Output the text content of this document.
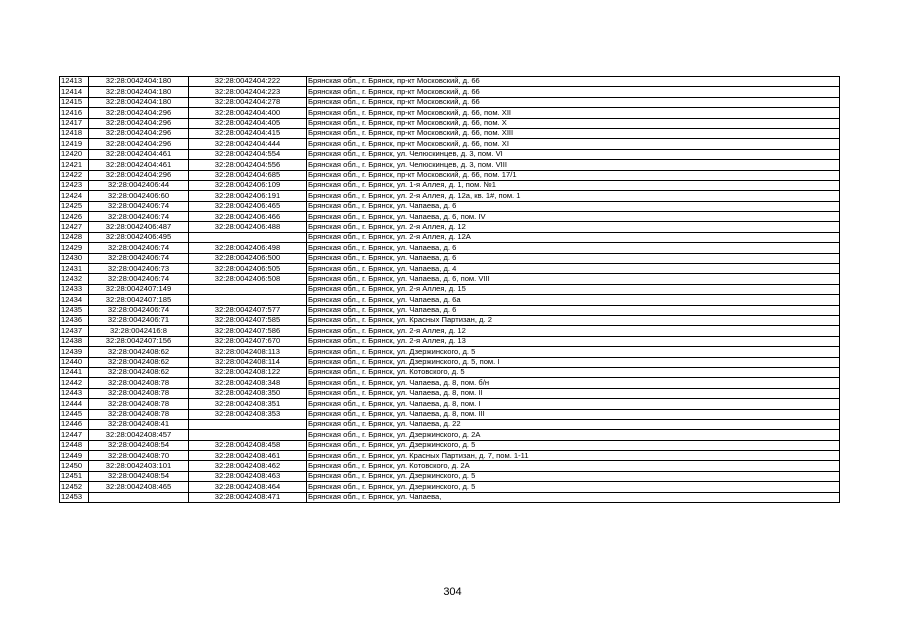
12413	32:28:0042404:180	32:28:0042404:222	Брянская обл., г. Брянск, пр-кт Московский, д. 66
12414	32:28:0042404:180	32:28:0042404:223	Брянская обл., г. Брянск, пр-кт Московский, д. 66
12415	32:28:0042404:180	32:28:0042404:278	Брянская обл., г. Брянск, пр-кт Московский, д. 66
12416	32:28:0042404:296	32:28:0042404:400	Брянская обл., г. Брянск, пр-кт Московский, д. 66, пом. XII
12417	32:28:0042404:296	32:28:0042404:405	Брянская обл., г. Брянск, пр-кт Московский, д. 66, пом. X
12418	32:28:0042404:296	32:28:0042404:415	Брянская обл., г. Брянск, пр-кт Московский, д. 66, пом. XIII
12419	32:28:0042404:296	32:28:0042404:444	Брянская обл., г. Брянск, пр-кт Московский, д. 66, пом. XI
12420	32:28:0042404:461	32:28:0042404:554	Брянская обл., г. Брянск, ул. Челюскинцев, д. 3, пом. VI
12421	32:28:0042404:461	32:28:0042404:556	Брянская обл., г. Брянск, ул. Челюскинцев, д. 3, пом. VIII
12422	32:28:0042404:296	32:28:0042404:685	Брянская обл., г. Брянск, пр-кт Московский, д. 66, пом. 17/1
12423	32:28:0042406:44	32:28:0042406:109	Брянская обл., г. Брянск, ул. 1-я Аллея, д. 1, пом. №1
12424	32:28:0042406:60	32:28:0042406:191	Брянская обл., г. Брянск, ул. 2-я Аллея, д. 12а, кв. 1#, пом. 1
12425	32:28:0042406:74	32:28:0042406:465	Брянская обл., г. Брянск, ул. Чапаева, д. 6
12426	32:28:0042406:74	32:28:0042406:466	Брянская обл., г. Брянск, ул. Чапаева, д. 6, пом. IV
12427	32:28:0042406:487	32:28:0042406:488	Брянская обл., г. Брянск, ул. 2-я Аллея, д. 12
12428	32:28:0042406:495		Брянская обл., г. Брянск, ул. 2-я Аллея, д. 12А
12429	32:28:0042406:74	32:28:0042406:498	Брянская обл., г. Брянск, ул. Чапаева, д. 6
12430	32:28:0042406:74	32:28:0042406:500	Брянская обл., г. Брянск, ул. Чапаева, д. 6
12431	32:28:0042406:73	32:28:0042406:505	Брянская обл., г. Брянск, ул. Чапаева, д. 4
12432	32:28:0042406:74	32:28:0042406:508	Брянская обл., г. Брянск, ул. Чапаева, д. 6, пом. VIII
12433	32:28:0042407:149		Брянская обл., г. Брянск, ул. 2-я Аллея, д. 15
12434	32:28:0042407:185		Брянская обл., г. Брянск, ул. Чапаева, д. 6а
12435	32:28:0042406:74	32:28:0042407:577	Брянская обл., г. Брянск, ул. Чапаева, д. 6
12436	32:28:0042406:71	32:28:0042407:585	Брянская обл., г. Брянск, ул. Красных Партизан, д. 2
12437	32:28:0042416:8	32:28:0042407:586	Брянская обл., г. Брянск, ул. 2-я Аллея, д. 12
12438	32:28:0042407:156	32:28:0042407:670	Брянская обл., г. Брянск, ул. 2-я Аллея, д. 13
12439	32:28:0042408:62	32:28:0042408:113	Брянская обл., г. Брянск, ул. Дзержинского, д. 5
12440	32:28:0042408:62	32:28:0042408:114	Брянская обл., г. Брянск, ул. Дзержинского, д. 5, пом. I
12441	32:28:0042408:62	32:28:0042408:122	Брянская обл., г. Брянск, ул. Котовского, д. 5
12442	32:28:0042408:78	32:28:0042408:348	Брянская обл., г. Брянск, ул. Чапаева, д. 8, пом. б/н
12443	32:28:0042408:78	32:28:0042408:350	Брянская обл., г. Брянск, ул. Чапаева, д. 8, пом. II
12444	32:28:0042408:78	32:28:0042408:351	Брянская обл., г. Брянск, ул. Чапаева, д. 8, пом. I
12445	32:28:0042408:78	32:28:0042408:353	Брянская обл., г. Брянск, ул. Чапаева, д. 8, пом. III
12446	32:28:0042408:41		Брянская обл., г. Брянск, ул. Чапаева, д. 22
12447	32:28:0042408:457		Брянская обл., г. Брянск, ул. Дзержинского, д. 2А
12448	32:28:0042408:54	32:28:0042408:458	Брянская обл., г. Брянск, ул. Дзержинского, д. 5
12449	32:28:0042408:70	32:28:0042408:461	Брянская обл., г. Брянск, ул. Красных Партизан, д. 7, пом. 1-11
12450	32:28:0042403:101	32:28:0042408:462	Брянская обл., г. Брянск, ул. Котовского, д. 2А
12451	32:28:0042408:54	32:28:0042408:463	Брянская обл., г. Брянск, ул. Дзержинского, д. 5
12452	32:28:0042408:465	32:28:0042408:464	Брянская обл., г. Брянск, ул. Дзержинского, д. 5
12453		32:28:0042408:471	Брянская обл., г. Брянск, ул. Чапаева,
304
